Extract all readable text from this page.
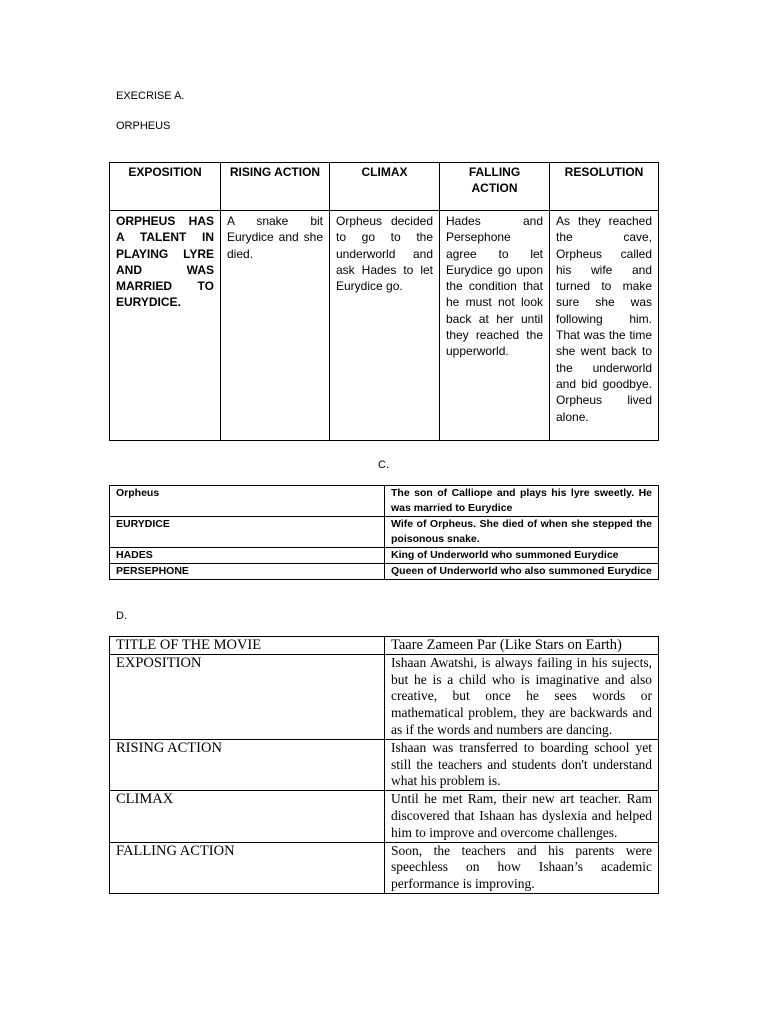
EXECRISE A.
ORPHEUS
EXPOSITION	RISING ACTION	CLIMAX	FALLING ACTION	RESOLUTION
ORPHEUS HAS A TALENT IN PLAYING LYRE AND WAS MARRIED TO EURYDICE.	A snake bit Eurydice and she died.	Orpheus decided to go to the underworld and ask Hades to let Eurydice go.	Hades and Persephone agree to let Eurydice go upon the condition that he must not look back at her until they reached the upperworld.	As they reached the cave, Orpheus called his wife and turned to make sure she was following him. That was the time she went back to the underworld and bid goodbye. Orpheus lived alone.
C.
Orpheus	The son of Calliope and plays his lyre sweetly. He was married to Eurydice
EURYDICE	Wife of Orpheus. She died of when she stepped the poisonous snake.
HADES	King of Underworld who summoned Eurydice
PERSEPHONE	Queen of Underworld who also summoned Eurydice
D.
TITLE OF THE MOVIE	Taare Zameen Par (Like Stars on Earth)
EXPOSITION	Ishaan Awatshi, is always failing in his sujects, but he is a child who is imaginative and also creative, but once he sees words or mathematical problem, they are backwards and as if the words and numbers are dancing.
RISING ACTION	Ishaan was transferred to boarding school yet still the teachers and students don't understand what his problem is.
CLIMAX	Until he met Ram, their new art teacher. Ram discovered that Ishaan has dyslexia and helped him to improve and overcome challenges.
FALLING ACTION	Soon, the teachers and his parents were speechless on how Ishaan’s academic performance is improving.
